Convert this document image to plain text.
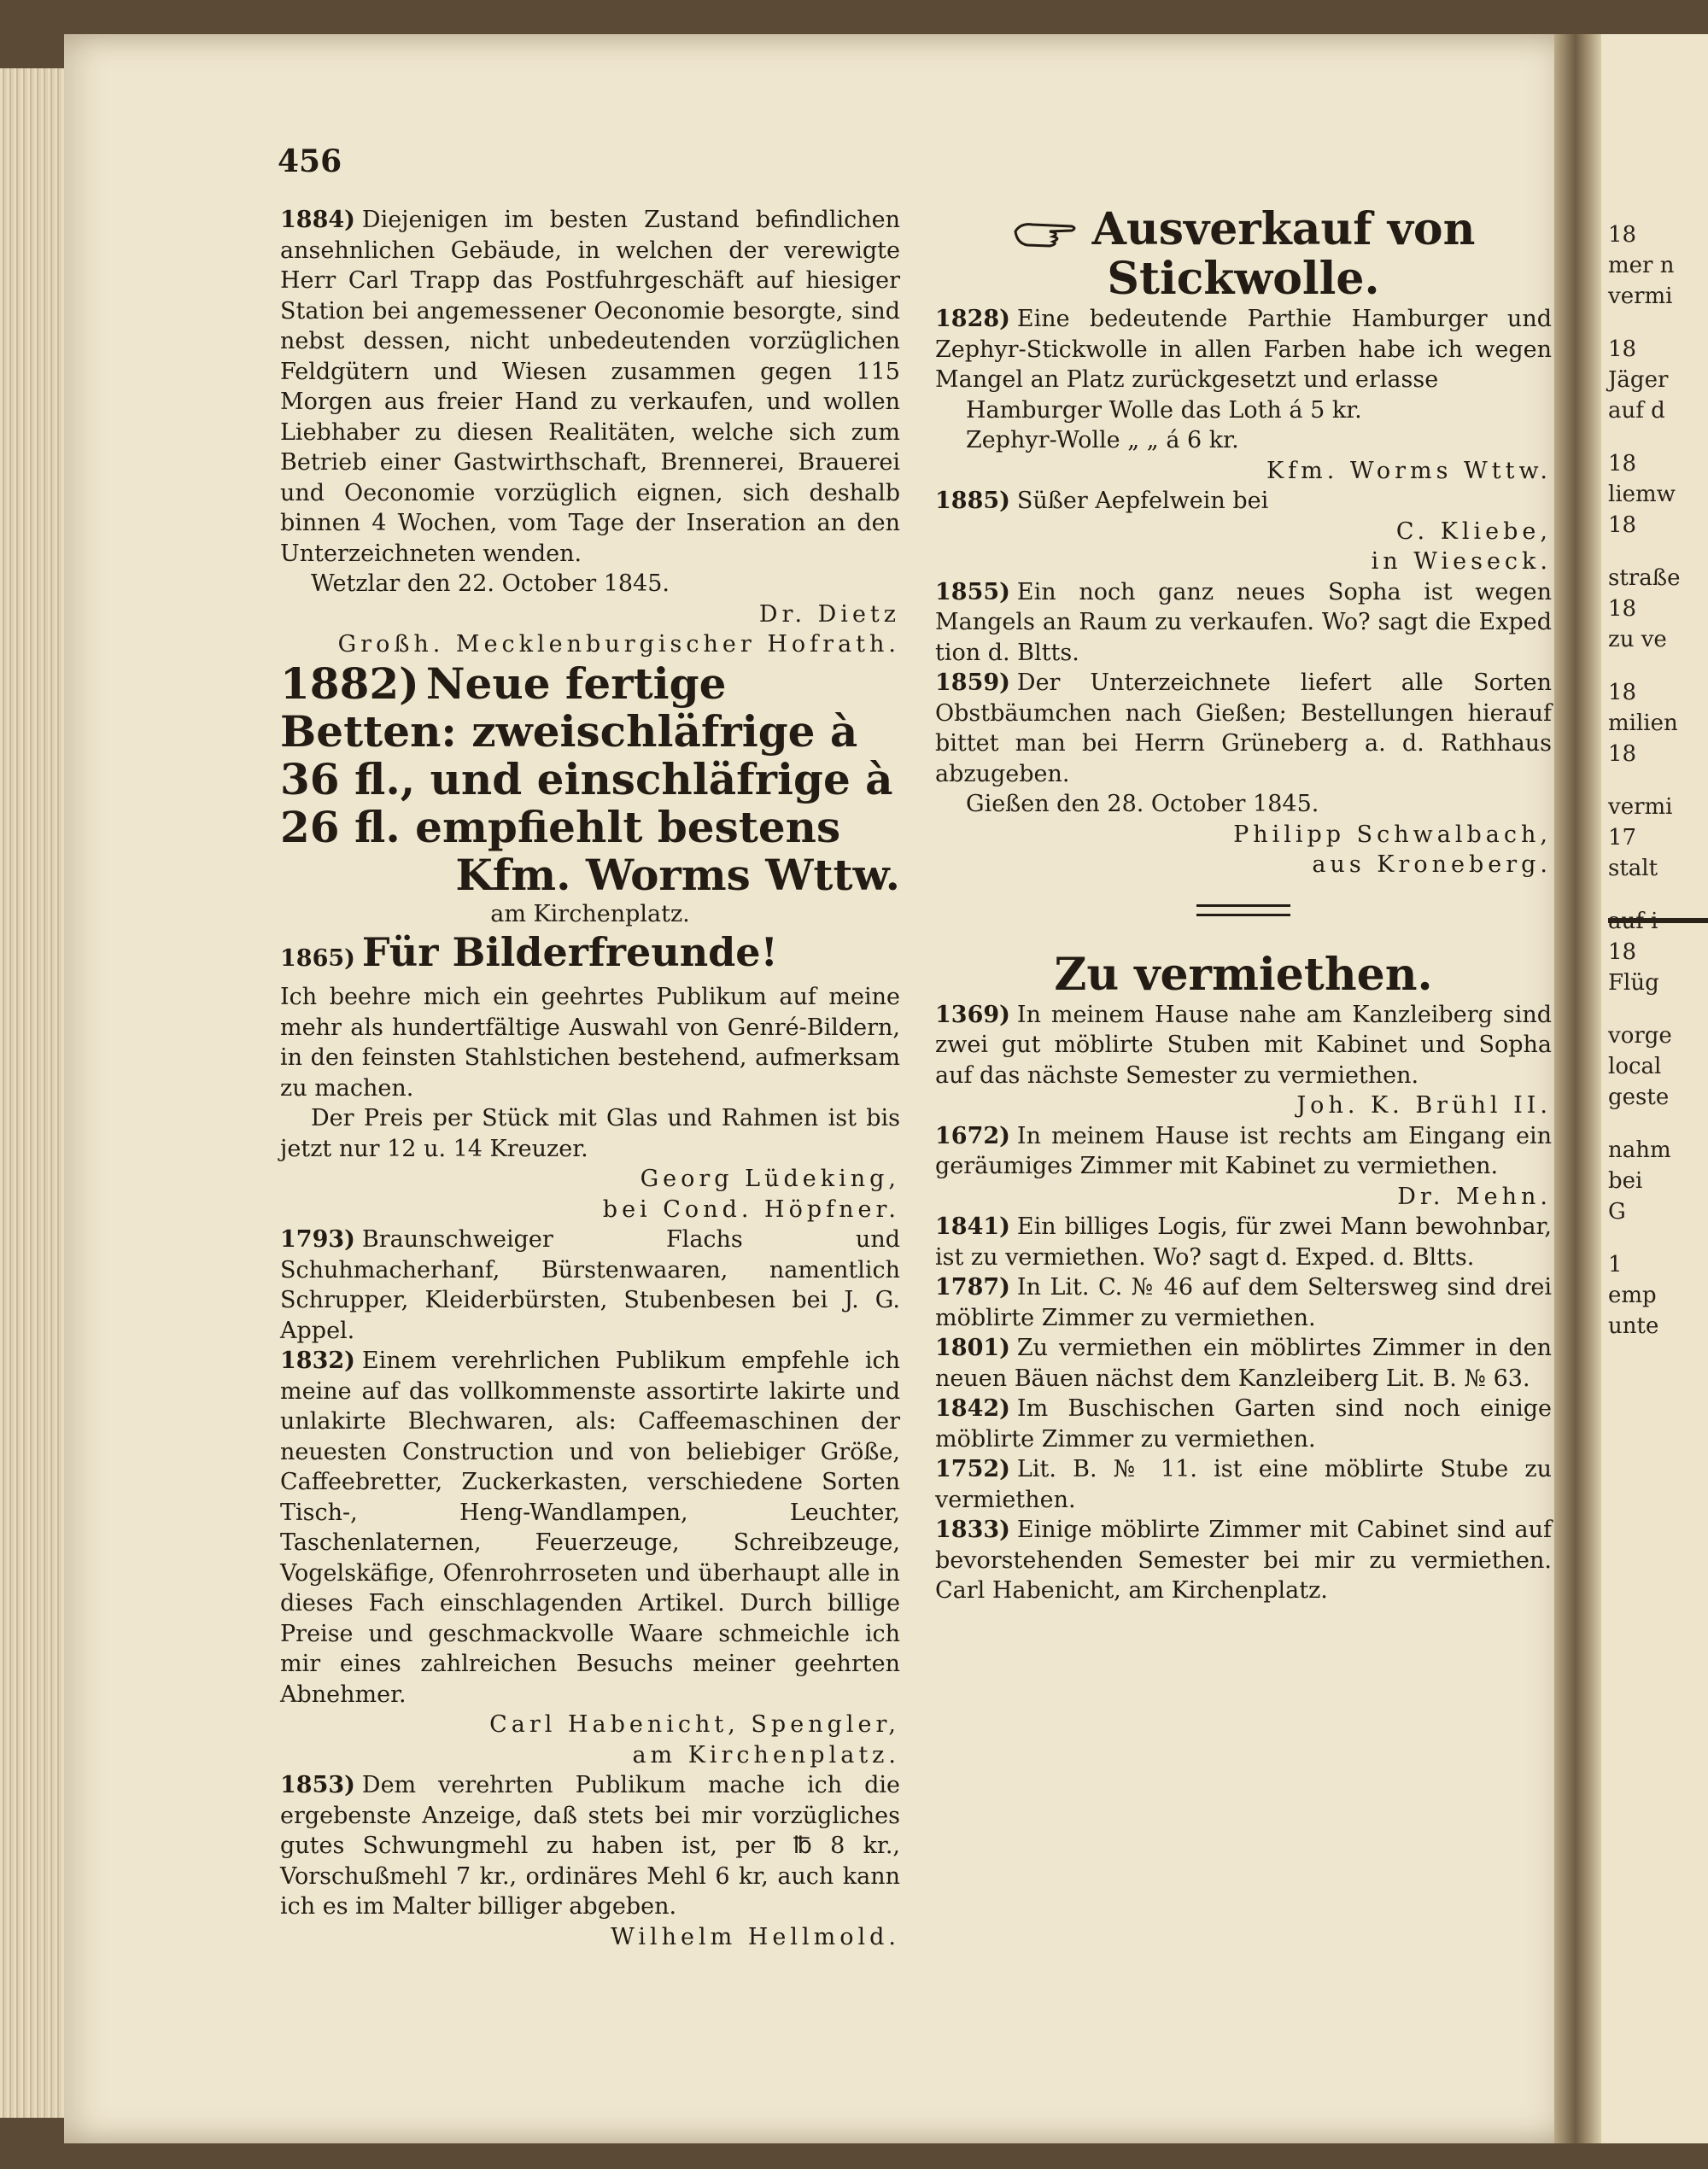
18
mer n
vermi
18
Jäger
auf d
18
liemw
18
straße
18
zu ve
18
milien
18
vermi
17
stalt
18
Flüg
vorge
local
geste
nahm
bei
G
1
emp
unte
456

1884) Diejenigen im besten Zustand befindlichen ansehnlichen Gebäude, in welchen der verewigte Herr Carl Trapp das Postfuhrgeschäft auf hiesiger Station bei angemessener Oeconomie besorgte, sind nebst dessen, nicht unbedeutenden vorzüglichen Feldgütern und Wiesen zusammen gegen 115 Morgen aus freier Hand zu verkaufen, und wollen Liebhaber zu diesen Realitäten, welche sich zum Betrieb einer Gastwirthschaft, Brennerei, Brauerei und Oeconomie vorzüglich eignen, sich deshalb binnen 4 Wochen, vom Tage der Inseration an den Unterzeichneten wenden.

Wetzlar den 22. October 1845.

Dr. Dietz

Großh. Mecklenburgischer Hofrath.

1882) Neue fertige Betten: zweischläfrige à 36 fl., und einschläfrige à 26 fl. empfiehlt bestens

Kfm. Worms Wttw.

am Kirchenplatz.

1865) Für Bilderfreunde!

Ich beehre mich ein geehrtes Publikum auf meine mehr als hundertfältige Auswahl von Genré-Bildern, in den feinsten Stahlstichen bestehend, aufmerksam zu machen.

Der Preis per Stück mit Glas und Rahmen ist bis jetzt nur 12 u. 14 Kreuzer.

Georg Lüdeking,

bei Cond. Höpfner.

1793) Braunschweiger Flachs und Schuhmacherhanf, Bürstenwaaren, namentlich Schrupper, Kleiderbürsten, Stubenbesen bei J. G. Appel.

1832) Einem verehrlichen Publikum empfehle ich meine auf das vollkommenste assortirte lakirte und unlakirte Blechwaren, als: Caffeemaschinen der neuesten Construction und von beliebiger Größe, Caffeebretter, Zuckerkasten, verschiedene Sorten Tisch-, Heng-Wandlampen, Leuchter, Taschenlaternen, Feuerzeuge, Schreibzeuge, Vogelskäfige, Ofenrohrroseten und überhaupt alle in dieses Fach einschlagenden Artikel. Durch billige Preise und geschmackvolle Waare schmeichle ich mir eines zahlreichen Besuchs meiner geehrten Abnehmer.

Carl Habenicht, Spengler,

am Kirchenplatz.

1853) Dem verehrten Publikum mache ich die ergebenste Anzeige, daß stets bei mir vorzügliches gutes Schwungmehl zu haben ist, per ℔ 8 kr., Vorschußmehl 7 kr., ordinäres Mehl 6 kr, auch kann ich es im Malter billiger abgeben.

Wilhelm Hellmold.

Ausverkauf von Stickwolle.

1828) Eine bedeutende Parthie Hamburger und Zephyr-Stickwolle in allen Farben habe ich wegen Mangel an Platz zurückgesetzt und erlasse

Hamburger Wolle das Loth á 5 kr.

Zephyr-Wolle „ „ á 6 kr.

Kfm. Worms Wttw.

1885) Süßer Aepfelwein bei

C. Kliebe,

in Wieseck.

1855) Ein noch ganz neues Sopha ist wegen Mangels an Raum zu verkaufen. Wo? sagt die Exped tion d. Bltts.

1859) Der Unterzeichnete liefert alle Sorten Obstbäumchen nach Gießen; Bestellungen hierauf bittet man bei Herrn Grüneberg a. d. Rathhaus abzugeben.

Gießen den 28. October 1845.

Philipp Schwalbach,

aus Kroneberg.

Zu vermiethen.

1369) In meinem Hause nahe am Kanzleiberg sind zwei gut möblirte Stuben mit Kabinet und Sopha auf das nächste Semester zu vermiethen.

Joh. K. Brühl II.

1672) In meinem Hause ist rechts am Eingang ein geräumiges Zimmer mit Kabinet zu vermiethen.

Dr. Mehn.

1841) Ein billiges Logis, für zwei Mann bewohnbar, ist zu vermiethen. Wo? sagt d. Exped. d. Bltts.

1787) In Lit. C. № 46 auf dem Seltersweg sind drei möblirte Zimmer zu vermiethen.

1801) Zu vermiethen ein möblirtes Zimmer in den neuen Bäuen nächst dem Kanzleiberg Lit. B. № 63.

1842) Im Buschischen Garten sind noch einige möblirte Zimmer zu vermiethen.

1752) Lit. B. № 11. ist eine möblirte Stube zu vermiethen.

1833) Einige möblirte Zimmer mit Cabinet sind auf bevorstehenden Semester bei mir zu vermiethen. Carl Habenicht, am Kirchenplatz.
